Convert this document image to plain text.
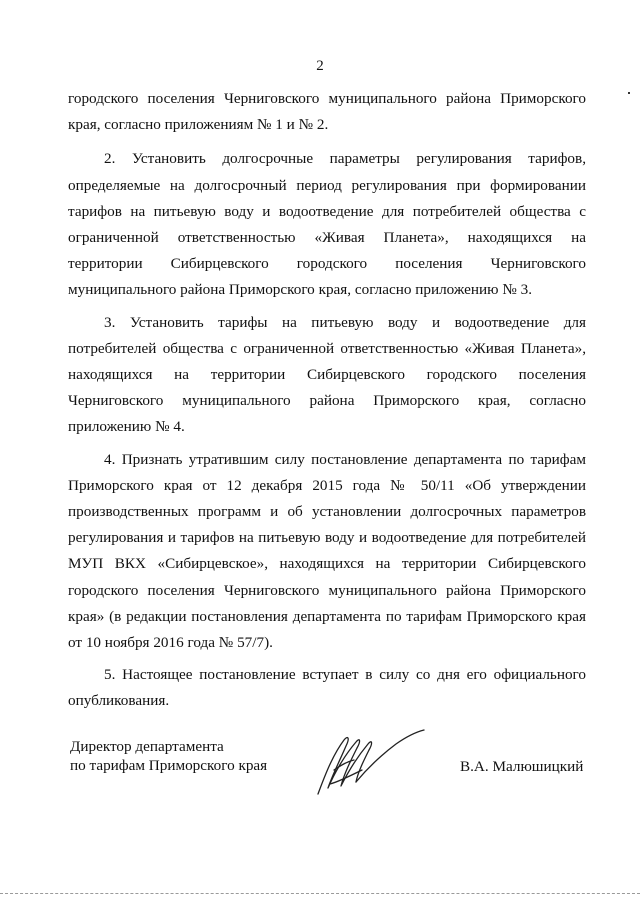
2

городского поселения Черниговского муниципального района Приморского края, согласно приложениям № 1 и № 2.

2. Установить долгосрочные параметры регулирования тарифов, определяемые на долгосрочный период регулирования при формировании тарифов на питьевую воду и водоотведение для потребителей общества с ограниченной ответственностью «Живая Планета», находящихся на территории Сибирцевского городского поселения Черниговского муниципального района Приморского края, согласно приложению № 3.

3. Установить тарифы на питьевую воду и водоотведение для потребителей общества с ограниченной ответственностью «Живая Планета», находящихся на территории Сибирцевского городского поселения Черниговского муниципального района Приморского края, согласно приложению № 4.

4. Признать утратившим силу постановление департамента по тарифам Приморского края от 12 декабря 2015 года № 50/11 «Об утверждении производственных программ и об установлении долгосрочных параметров регулирования и тарифов на питьевую воду и водоотведение для потребителей МУП ВКХ «Сибирцевское», находящихся на территории Сибирцевского городского поселения Черниговского муниципального района Приморского края» (в редакции постановления департамента по тарифам Приморского края от 10 ноября 2016 года № 57/7).

5. Настоящее постановление вступает в силу со дня его официального опубликования.

Директор департамента
по тарифам Приморского края	В.А. Малюшицкий
